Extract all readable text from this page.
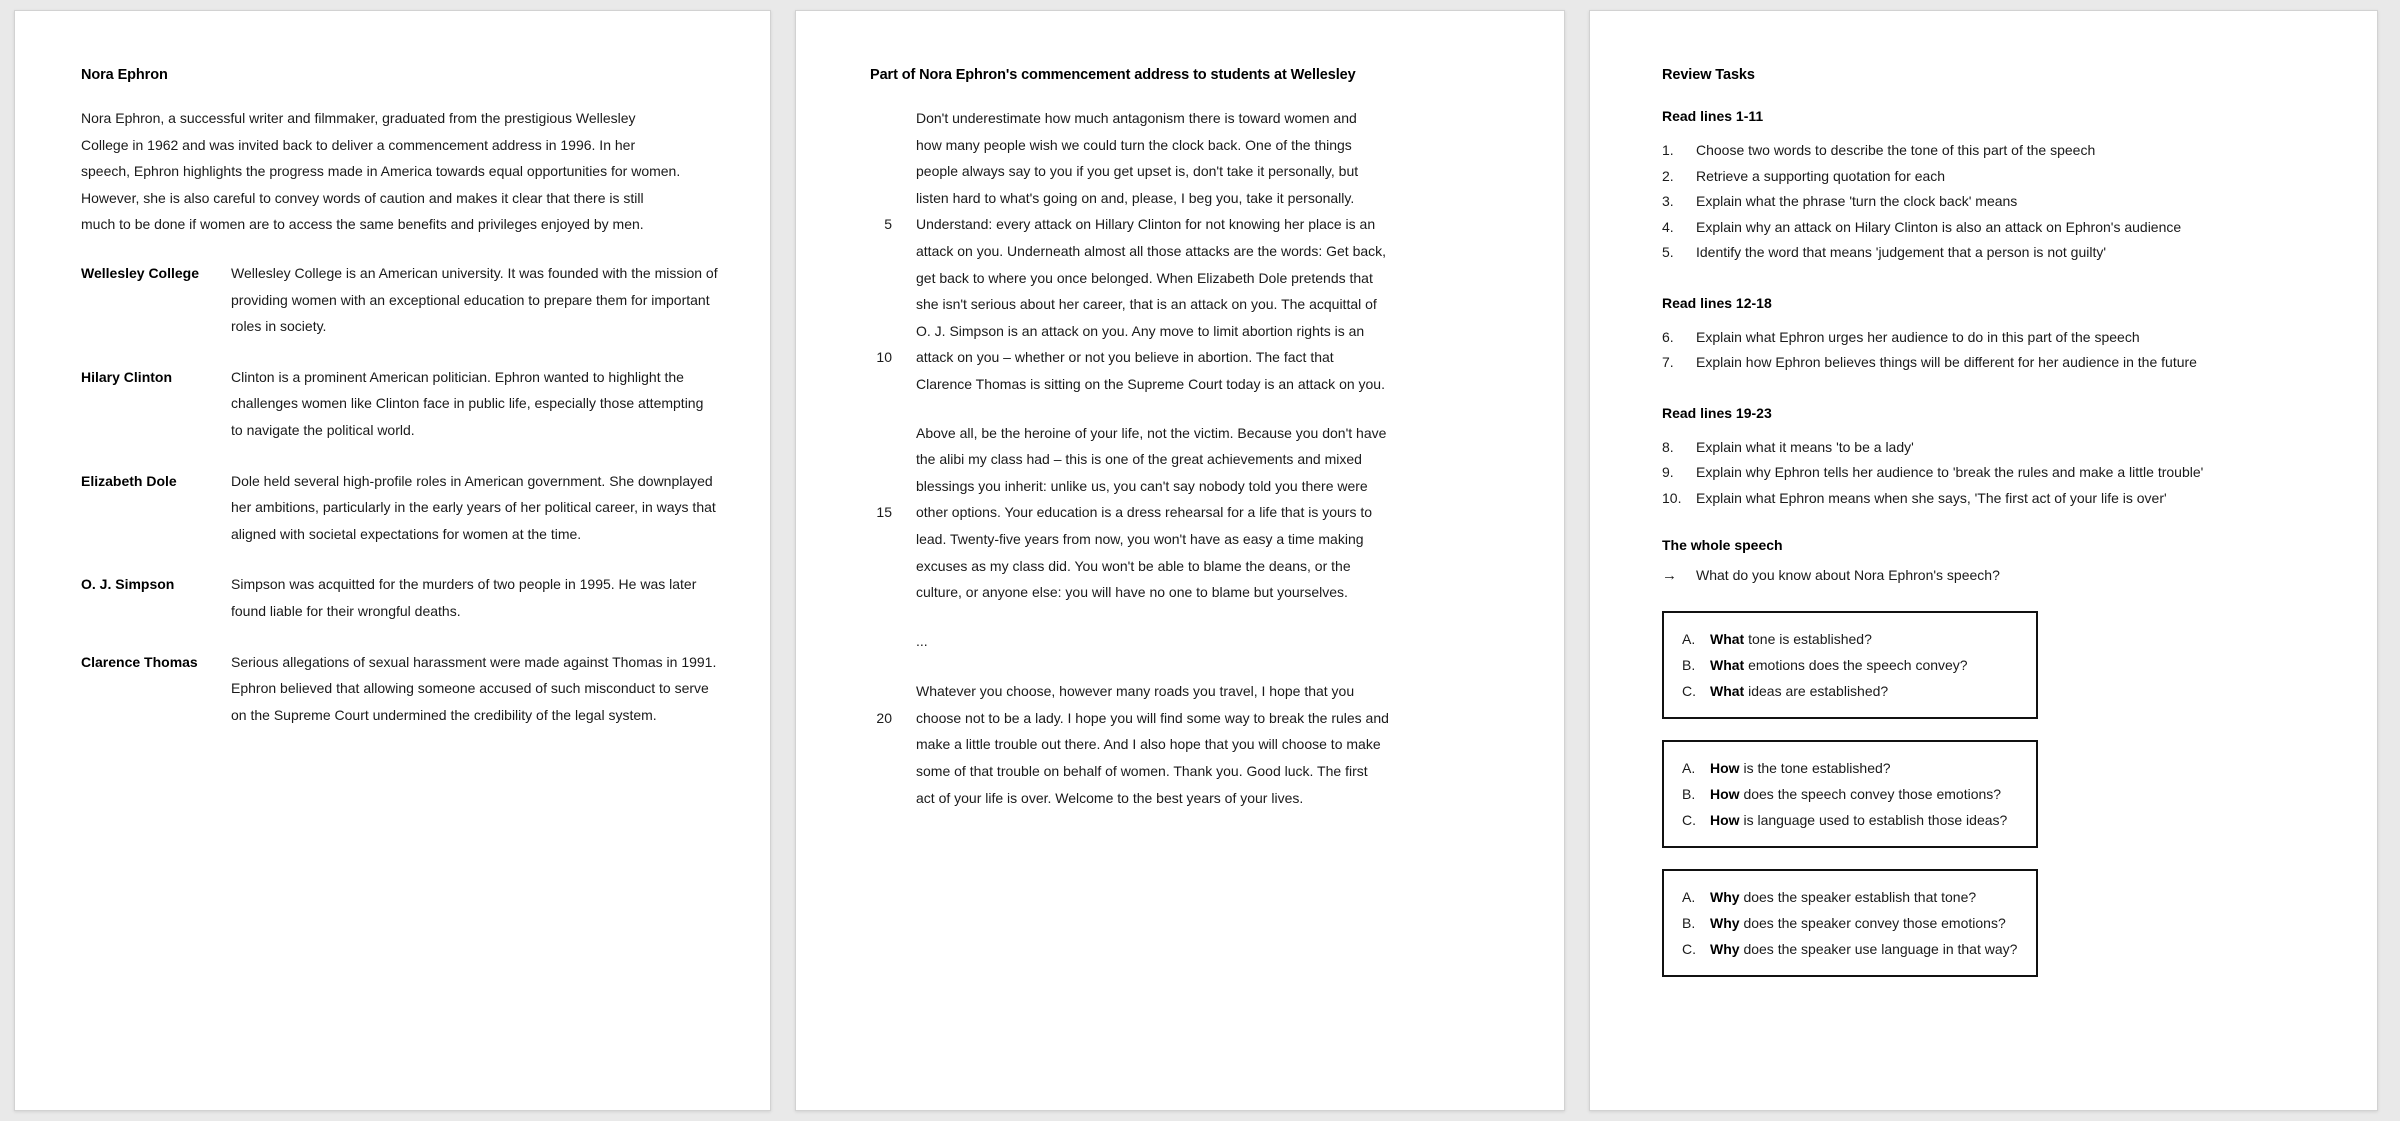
Nora Ephron

Nora Ephron, a successful writer and filmmaker, graduated from the prestigious Wellesley College in 1962 and was invited back to deliver a commencement address in 1996. In her speech, Ephron highlights the progress made in America towards equal opportunities for women. However, she is also careful to convey words of caution and makes it clear that there is still much to be done if women are to access the same benefits and privileges enjoyed by men.

Wellesley College	Wellesley College is an American university. It was founded with the mission of providing women with an exceptional education to prepare them for important roles in society.
Hilary Clinton	Clinton is a prominent American politician. Ephron wanted to highlight the challenges women like Clinton face in public life, especially those attempting to navigate the political world.
Elizabeth Dole	Dole held several high-profile roles in American government. She downplayed her ambitions, particularly in the early years of her political career, in ways that aligned with societal expectations for women at the time.
O. J. Simpson	Simpson was acquitted for the murders of two people in 1995. He was later found liable for their wrongful deaths.
Clarence Thomas	Serious allegations of sexual harassment were made against Thomas in 1991. Ephron believed that allowing someone accused of such misconduct to serve on the Supreme Court undermined the credibility of the legal system.
Part of Nora Ephron's commencement address to students at Wellesley
Don't underestimate how much antagonism there is toward women and
how many people wish we could turn the clock back. One of the things
people always say to you if you get upset is, don't take it personally, but
listen hard to what's going on and, please, I beg you, take it personally.
5	Understand: every attack on Hillary Clinton for not knowing her place is an
attack on you. Underneath almost all those attacks are the words: Get back,
get back to where you once belonged. When Elizabeth Dole pretends that
she isn't serious about her career, that is an attack on you. The acquittal of
O. J. Simpson is an attack on you. Any move to limit abortion rights is an
10	attack on you – whether or not you believe in abortion. The fact that
Clarence Thomas is sitting on the Supreme Court today is an attack on you.
Above all, be the heroine of your life, not the victim. Because you don't have
the alibi my class had – this is one of the great achievements and mixed
blessings you inherit: unlike us, you can't say nobody told you there were
15	other options. Your education is a dress rehearsal for a life that is yours to
lead. Twenty-five years from now, you won't have as easy a time making
excuses as my class did. You won't be able to blame the deans, or the
culture, or anyone else: you will have no one to blame but yourselves.
...
Whatever you choose, however many roads you travel, I hope that you
20	choose not to be a lady. I hope you will find some way to break the rules and
make a little trouble out there. And I also hope that you will choose to make
some of that trouble on behalf of women. Thank you. Good luck. The first
act of your life is over. Welcome to the best years of your lives.
Review Tasks
Read lines 1-11
1.	Choose two words to describe the tone of this part of the speech
2.	Retrieve a supporting quotation for each
3.	Explain what the phrase 'turn the clock back' means
4.	Explain why an attack on Hilary Clinton is also an attack on Ephron's audience
5.	Identify the word that means 'judgement that a person is not guilty'
Read lines 12-18
6.	Explain what Ephron urges her audience to do in this part of the speech
7.	Explain how Ephron believes things will be different for her audience in the future
Read lines 19-23
8.	Explain what it means 'to be a lady'
9.	Explain why Ephron tells her audience to 'break the rules and make a little trouble'
10.	Explain what Ephron means when she says, 'The first act of your life is over'
The whole speech
→	What do you know about Nora Ephron's speech?
A.	What tone is established?
B.	What emotions does the speech convey?
C.	What ideas are established?
A.	How is the tone established?
B.	How does the speech convey those emotions?
C.	How is language used to establish those ideas?
A.	Why does the speaker establish that tone?
B.	Why does the speaker convey those emotions?
C.	Why does the speaker use language in that way?
